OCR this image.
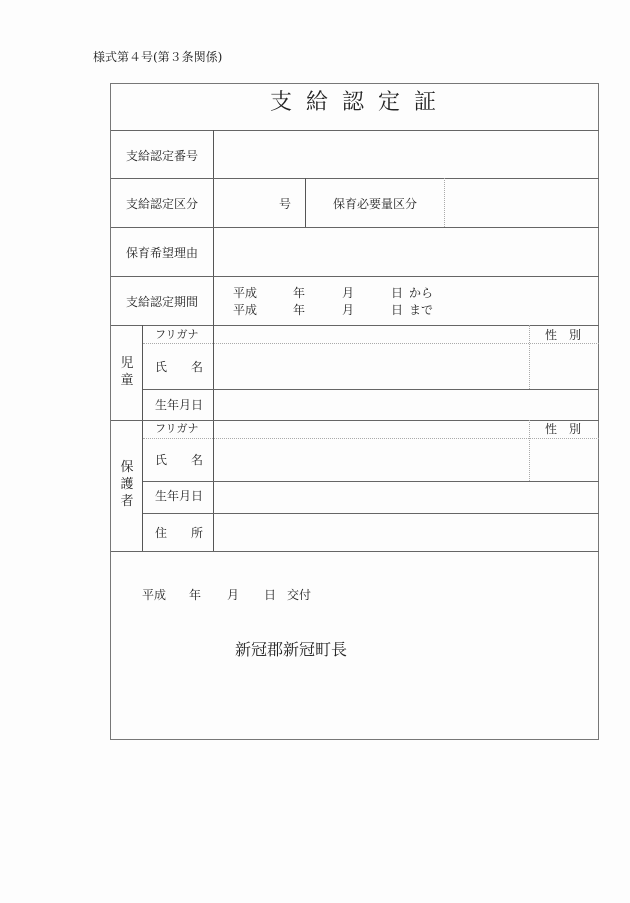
様式第４号(第３条関係)
支給認定証
支給認定番号
支給認定区分	号	保育必要量区分
保育希望理由
支給認定期間
平成	年	月	日 から
平成	年	月	日 まで
児童
フリガナ	性　別
氏　　名
生年月日
保護者
フリガナ	性　別
氏　　名
生年月日
住　　所
平成 年 月 日 交付
新冠郡新冠町長
